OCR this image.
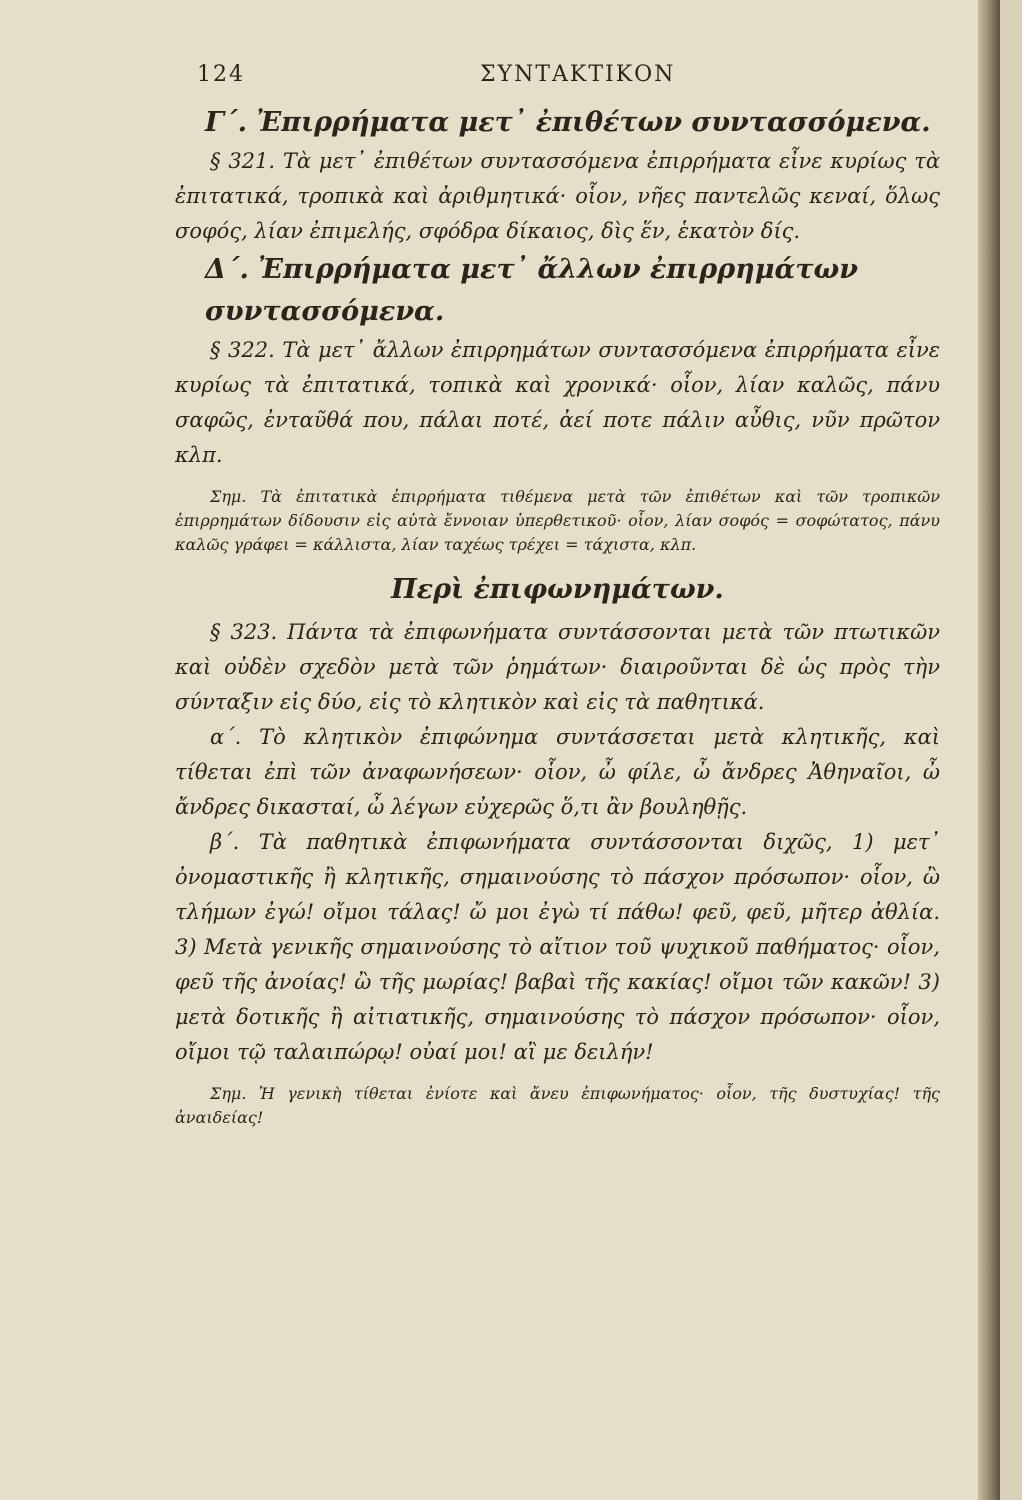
124	ΣΥΝΤΑΚΤΙΚΟΝ
Γ΄. Ἐπιρρήματα μετ᾽ ἐπιθέτων συντασσόμενα.

§ 321. Τὰ μετ᾽ ἐπιθέτων συντασσόμενα ἐπιρρήματα εἶνε κυρίως τὰ ἐπιτατικά, τροπικὰ καὶ ἀριθμητικά· οἷον, νῆες παντελῶς κεναί, ὅλως σοφός, λίαν ἐπιμελής, σφόδρα δίκαιος, δὶς ἕν, ἑκατὸν δίς.

Δ΄. Ἐπιρρήματα μετ᾽ ἄλλων ἐπιρρημάτων συντασσόμενα.

§ 322. Τὰ μετ᾽ ἄλλων ἐπιρρημάτων συντασσόμενα ἐπιρρήματα εἶνε κυρίως τὰ ἐπιτατικά, τοπικὰ καὶ χρονικά· οἷον, λίαν καλῶς, πάνυ σαφῶς, ἐνταῦθά που, πάλαι ποτέ, ἀεί ποτε πάλιν αὖθις, νῦν πρῶτον κλπ.

Σημ. Τὰ ἐπιτατικὰ ἐπιρρήματα τιθέμενα μετὰ τῶν ἐπιθέτων καὶ τῶν τροπικῶν ἐπιρρημάτων δίδουσιν εἰς αὐτὰ ἔννοιαν ὑπερθετικοῦ· οἷον, λίαν σοφός = σοφώτατος, πάνυ καλῶς γράφει = κάλλιστα, λίαν ταχέως τρέχει = τάχιστα, κλπ.

Περὶ ἐπιφωνημάτων.

§ 323. Πάντα τὰ ἐπιφωνήματα συντάσσονται μετὰ τῶν πτωτικῶν καὶ οὐδὲν σχεδὸν μετὰ τῶν ῥημάτων· διαιροῦνται δὲ ὡς πρὸς τὴν σύνταξιν εἰς δύο, εἰς τὸ κλητικὸν καὶ εἰς τὰ παθητικά.

α΄. Τὸ κλητικὸν ἐπιφώνημα συντάσσεται μετὰ κλητικῆς, καὶ τίθεται ἐπὶ τῶν ἀναφωνήσεων· οἷον, ὦ φίλε, ὦ ἄνδρες Ἀθηναῖοι, ὦ ἄνδρες δικασταί, ὦ λέγων εὐχερῶς ὅ,τι ἂν βουληθῇς.

β΄. Τὰ παθητικὰ ἐπιφωνήματα συντάσσονται διχῶς, 1) μετ᾽ ὀνομαστικῆς ἢ κλητικῆς, σημαινούσης τὸ πάσχον πρόσωπον· οἷον, ὢ τλήμων ἐγώ! οἴμοι τάλας! ὤ μοι ἐγὼ τί πάθω! φεῦ, φεῦ, μῆτερ ἀθλία. 3) Μετὰ γενικῆς σημαινούσης τὸ αἴτιον τοῦ ψυχικοῦ παθήματος· οἷον, φεῦ τῆς ἀνοίας! ὢ τῆς μωρίας! βαβαὶ τῆς κακίας! οἴμοι τῶν κακῶν! 3) μετὰ δοτικῆς ἢ αἰτιατικῆς, σημαινούσης τὸ πάσχον πρόσωπον· οἷον, οἴμοι τῷ ταλαιπώρῳ! οὐαί μοι! αἲ με δειλήν!

Σημ. Ἡ γενικὴ τίθεται ἐνίοτε καὶ ἄνευ ἐπιφωνήματος· οἷον, τῆς δυστυχίας! τῆς ἀναιδείας!
